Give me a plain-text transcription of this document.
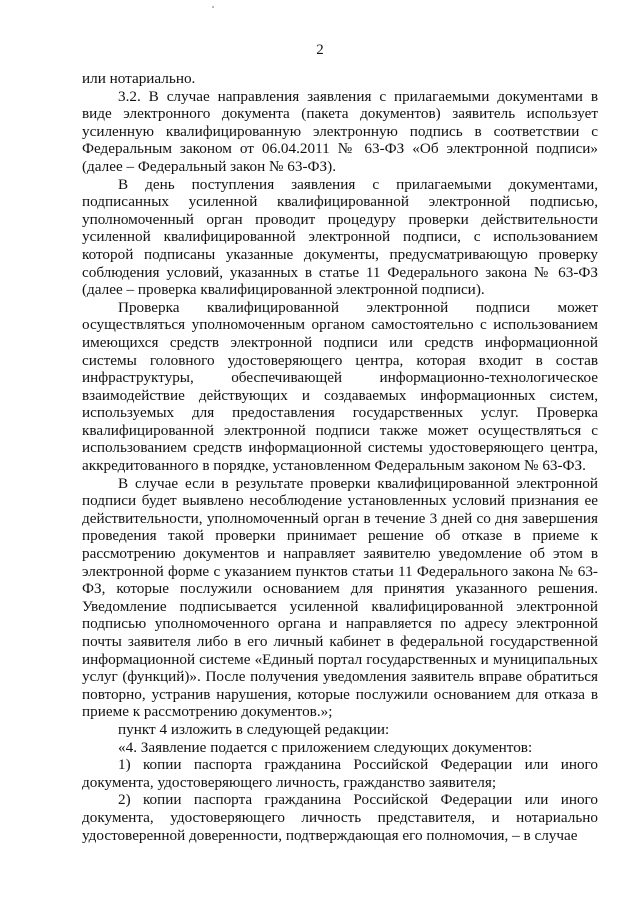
2

или нотариально.

3.2. В случае направления заявления с прилагаемыми документами в виде электронного документа (пакета документов) заявитель использует усиленную квалифицированную электронную подпись в соответствии с Федеральным законом от 06.04.2011 № 63-ФЗ «Об электронной подписи» (далее – Федеральный закон № 63-ФЗ).

В день поступления заявления с прилагаемыми документами, подписанных усиленной квалифицированной электронной подписью, уполномоченный орган проводит процедуру проверки действительности усиленной квалифицированной электронной подписи, с использованием которой подписаны указанные документы, предусматривающую проверку соблюдения условий, указанных в статье 11 Федерального закона № 63-ФЗ (далее – проверка квалифицированной электронной подписи).

Проверка квалифицированной электронной подписи может осуществляться уполномоченным органом самостоятельно с использованием имеющихся средств электронной подписи или средств информационной системы головного удостоверяющего центра, которая входит в состав инфраструктуры, обеспечивающей информационно-технологическое взаимодействие действующих и создаваемых информационных систем, используемых для предоставления государственных услуг. Проверка квалифицированной электронной подписи также может осуществляться с использованием средств информационной системы удостоверяющего центра, аккредитованного в порядке, установленном Федеральным законом № 63-ФЗ.

В случае если в результате проверки квалифицированной электронной подписи будет выявлено несоблюдение установленных условий признания ее действительности, уполномоченный орган в течение 3 дней со дня завершения проведения такой проверки принимает решение об отказе в приеме к рассмотрению документов и направляет заявителю уведомление об этом в электронной форме с указанием пунктов статьи 11 Федерального закона № 63-ФЗ, которые послужили основанием для принятия указанного решения. Уведомление подписывается усиленной квалифицированной электронной подписью уполномоченного органа и направляется по адресу электронной почты заявителя либо в его личный кабинет в федеральной государственной информационной системе «Единый портал государственных и муниципальных услуг (функций)». После получения уведомления заявитель вправе обратиться повторно, устранив нарушения, которые послужили основанием для отказа в приеме к рассмотрению документов.»;

пункт 4 изложить в следующей редакции:

«4. Заявление подается с приложением следующих документов:

1) копии паспорта гражданина Российской Федерации или иного документа, удостоверяющего личность, гражданство заявителя;

2) копии паспорта гражданина Российской Федерации или иного документа, удостоверяющего личность представителя, и нотариально удостоверенной доверенности, подтверждающая его полномочия, – в случае
